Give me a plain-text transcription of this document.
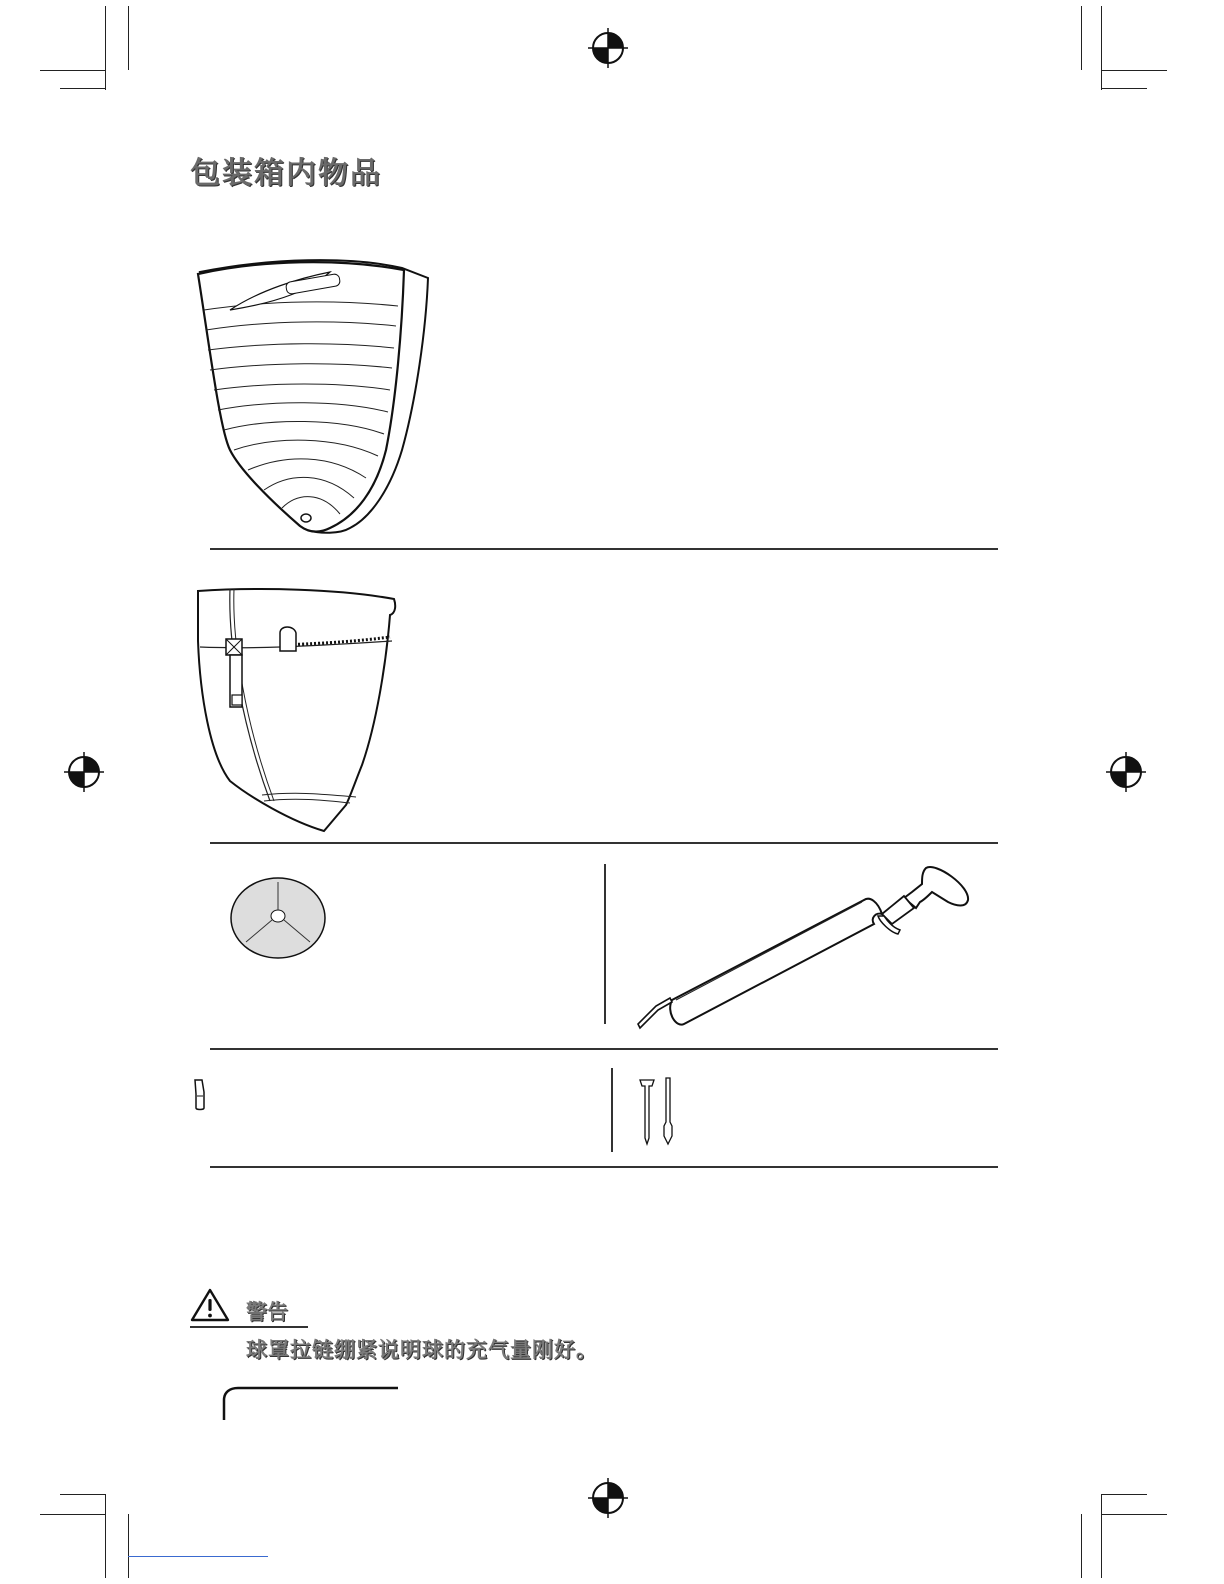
包装箱内物品
警告
球罩拉链绷紧说明球的充气量刚好。
